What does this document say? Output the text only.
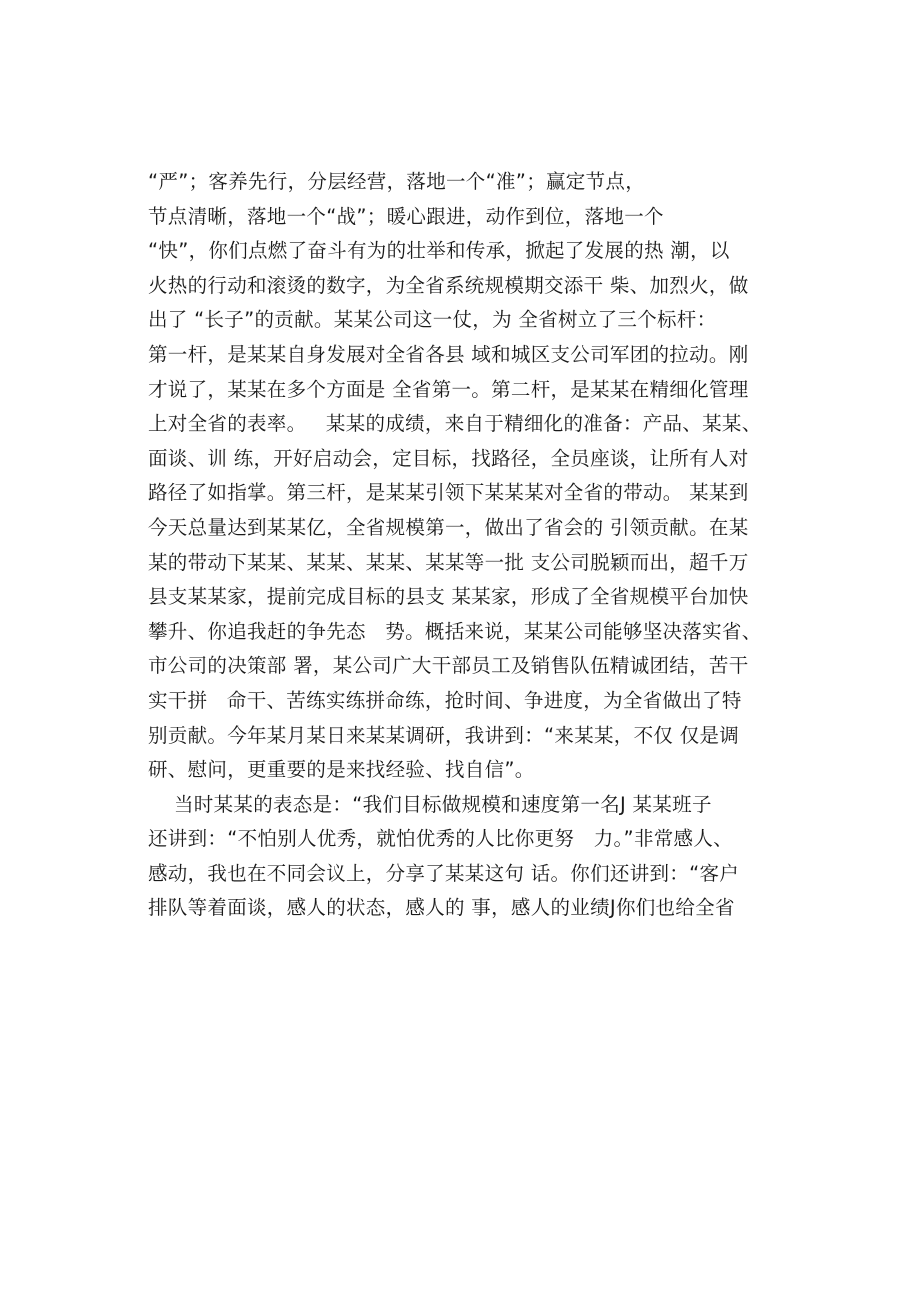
“严”；客养先行，分层经营，落地一个“准”；赢定节点，
节点清晰，落地一个“战”；暖心跟进，动作到位，落地一个
“快”，你们点燃了奋斗有为的壮举和传承，掀起了发展的热 潮，以
火热的行动和滚烫的数字，为全省系统规模期交添干 柴、加烈火，做
出了 “长子”的贡献。某某公司这一仗，为 全省树立了三个标杆：
第一杆，是某某自身发展对全省各县 域和城区支公司军团的拉动。刚
才说了，某某在多个方面是 全省第一。第二杆，是某某在精细化管理
上对全省的表率。   某某的成绩，来自于精细化的准备：产品、某某、
面谈、训 练，开好启动会，定目标，找路径，全员座谈，让所有人对
路径了如指掌。第三杆，是某某引领下某某某对全省的带动。 某某到
今天总量达到某某亿，全省规模第一，做出了省会的 引领贡献。在某
某的带动下某某、某某、某某、某某等一批 支公司脱颖而出，超千万
县支某某家，提前完成目标的县支 某某家，形成了全省规模平台加快
攀升、你追我赶的争先态   势。概括来说，某某公司能够坚决落实省、
市公司的决策部 署，某公司广大干部员工及销售队伍精诚团结，苦干
实干拼   命干、苦练实练拼命练，抢时间、争进度，为全省做出了特
别贡献。今年某月某日来某某调研，我讲到：“来某某，不仅 仅是调
研、慰问，更重要的是来找经验、找自信”。
当时某某的表态是：“我们目标做规模和速度第一名J 某某班子
还讲到：“不怕别人优秀，就怕优秀的人比你更努   力。”非常感人、
感动，我也在不同会议上，分享了某某这句 话。你们还讲到：“客户
排队等着面谈，感人的状态，感人的 事，感人的业绩J你们也给全省
